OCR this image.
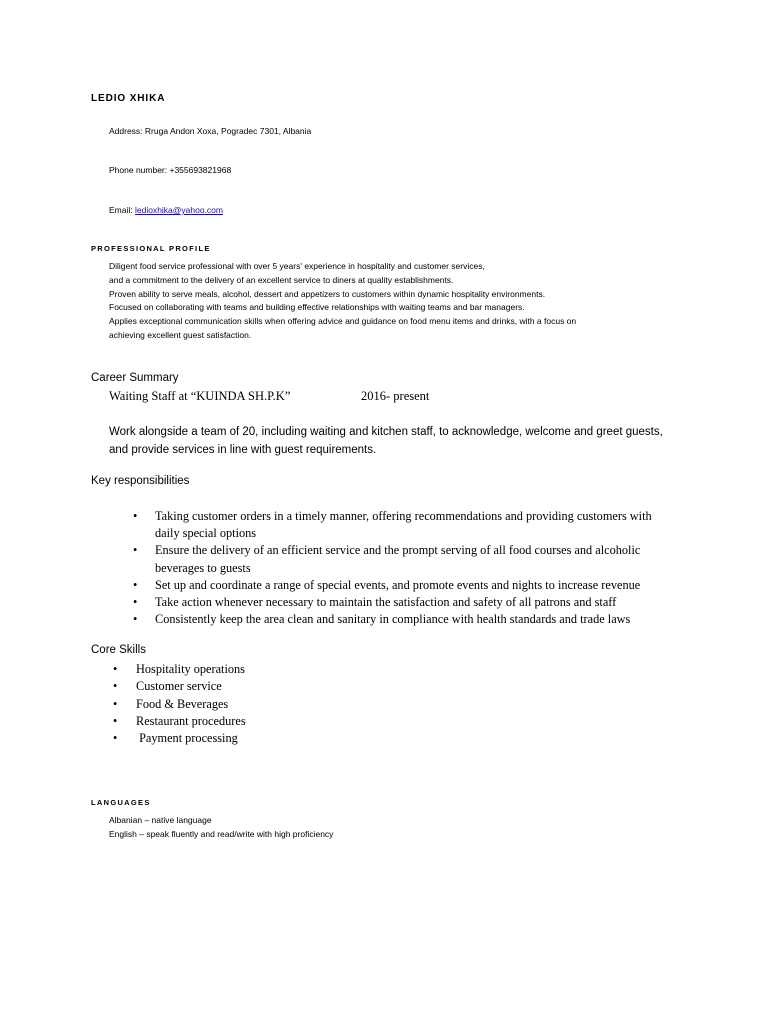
LEDIO XHIKA
Address: Rruga Andon Xoxa, Pogradec 7301, Albania
Phone number: +355693821968
Email: ledioxhika@yahoo.com
PROFESSIONAL PROFILE
Diligent food service professional with over 5 years' experience in hospitality and customer services,
and a commitment to the delivery of an excellent service to diners at quality establishments.
Proven ability to serve meals, alcohol, dessert and appetizers to customers within dynamic hospitality environments.
Focused on collaborating with teams and building effective relationships with waiting teams and bar managers.
Applies exceptional communication skills when offering advice and guidance on food menu items and drinks, with a focus on
achieving excellent guest satisfaction.
Career Summary
Waiting Staff at “KUINDA SH.P.K”	2016- present
Work alongside a team of 20, including waiting and kitchen staff, to acknowledge, welcome and greet guests,
and provide services in line with guest requirements.
Key responsibilities
• Taking customer orders in a timely manner, offering recommendations and providing customers with
daily special options
• Ensure the delivery of an efficient service and the prompt serving of all food courses and alcoholic
beverages to guests
• Set up and coordinate a range of special events, and promote events and nights to increase revenue
• Take action whenever necessary to maintain the satisfaction and safety of all patrons and staff
• Consistently keep the area clean and sanitary in compliance with health standards and trade laws
Core Skills
• Hospitality operations
• Customer service
• Food & Beverages
• Restaurant procedures
• Payment processing
LANGUAGES
Albanian – native language
English – speak fluently and read/write with high proficiency
